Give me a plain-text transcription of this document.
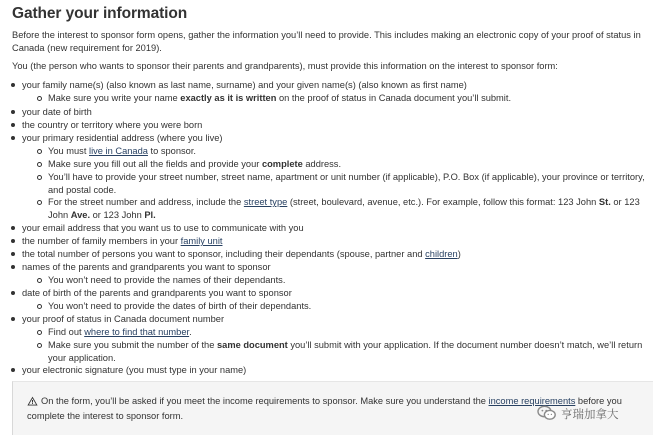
Gather your information

Before the interest to sponsor form opens, gather the information you’ll need to provide. This includes making an electronic copy of your proof of status in Canada (new requirement for 2019).

You (the person who wants to sponsor their parents and grandparents), must provide this information on the interest to sponsor form:

your family name(s) (also known as last name, surname) and your given name(s) (also known as first name)
Make sure you write your name exactly as it is written on the proof of status in Canada document you’ll submit.
your date of birth
the country or territory where you were born
your primary residential address (where you live)
You must live in Canada to sponsor.
Make sure you fill out all the fields and provide your complete address.
You’ll have to provide your street number, street name, apartment or unit number (if applicable), P.O. Box (if applicable), your province or territory, and postal code.
For the street number and address, include the street type (street, boulevard, avenue, etc.). For example, follow this format: 123 John St. or 123 John Ave. or 123 John Pl.
your email address that you want us to use to communicate with you
the number of family members in your family unit
the total number of persons you want to sponsor, including their dependants (spouse, partner and children)
names of the parents and grandparents you want to sponsor
You won’t need to provide the names of their dependants.
date of birth of the parents and grandparents you want to sponsor
You won’t need to provide the dates of birth of their dependants.
your proof of status in Canada document number
Find out where to find that number.
Make sure you submit the number of the same document you’ll submit with your application. If the document number doesn’t match, we’ll return your application.
your electronic signature (you must type in your name)
On the form, you’ll be asked if you meet the income requirements to sponsor. Make sure you understand the income requirements before you complete the interest to sponsor form.	亨瑞加拿大
